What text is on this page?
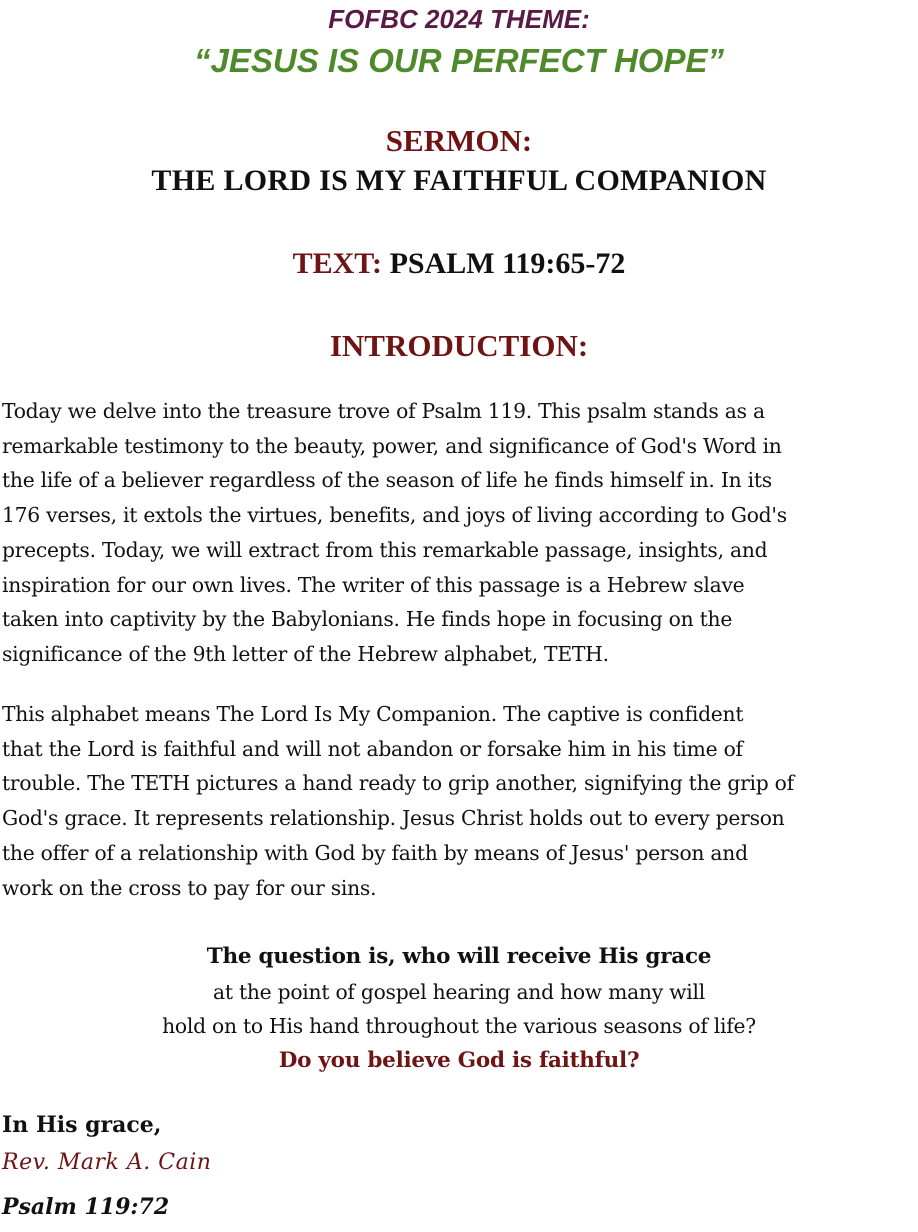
FOFBC 2024 THEME:
“JESUS IS OUR PERFECT HOPE”
SERMON:
THE LORD IS MY FAITHFUL COMPANION
TEXT: PSALM 119:65-72
INTRODUCTION:
Today we delve into the treasure trove of Psalm 119. This psalm stands as a
remarkable testimony to the beauty, power, and significance of God's Word in
the life of a believer regardless of the season of life he finds himself in. In its
176 verses, it extols the virtues, benefits, and joys of living according to God's
precepts. Today, we will extract from this remarkable passage, insights, and
inspiration for our own lives. The writer of this passage is a Hebrew slave
taken into captivity by the Babylonians. He finds hope in focusing on the
significance of the 9th letter of the Hebrew alphabet, TETH.
This alphabet means The Lord Is My Companion. The captive is confident
that the Lord is faithful and will not abandon or forsake him in his time of
trouble. The TETH pictures a hand ready to grip another, signifying the grip of
God's grace. It represents relationship. Jesus Christ holds out to every person
the offer of a relationship with God by faith by means of Jesus' person and
work on the cross to pay for our sins.
The question is, who will receive His grace
at the point of gospel hearing and how many will
hold on to His hand throughout the various seasons of life?
Do you believe God is faithful?
In His grace,
Rev. Mark A. Cain
Psalm 119:72
